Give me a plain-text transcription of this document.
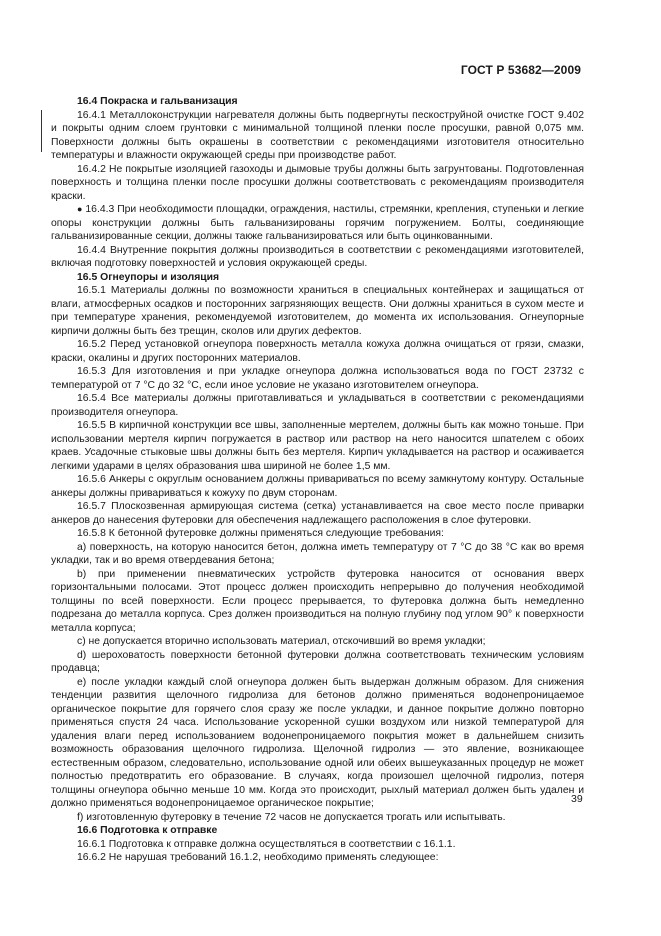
ГОСТ Р 53682—2009

16.4 Покраска и гальванизация

16.4.1 Металлоконструкции нагревателя должны быть подвергнуты пескоструйной очистке ГОСТ 9.402 и покрыты одним слоем грунтовки с минимальной толщиной пленки после просушки, равной 0,075 мм. Поверхности должны быть окрашены в соответствии с рекомендациями изготовителя относительно температуры и влажности окружающей среды при производстве работ.

16.4.2 Не покрытые изоляцией газоходы и дымовые трубы должны быть загрунтованы. Подготовленная поверхность и толщина пленки после просушки должны соответствовать с рекомендациям производителя краски.

● 16.4.3 При необходимости площадки, ограждения, настилы, стремянки, крепления, ступеньки и легкие опоры конструкции должны быть гальванизированы горячим погружением. Болты, соединяющие гальванизированные секции, должны также гальванизироваться или быть оцинкованными.

16.4.4 Внутренние покрытия должны производиться в соответствии с рекомендациями изготовителей, включая подготовку поверхностей и условия окружающей среды.

16.5 Огнеупоры и изоляция

16.5.1 Материалы должны по возможности храниться в специальных контейнерах и защищаться от влаги, атмосферных осадков и посторонних загрязняющих веществ. Они должны храниться в сухом месте и при температуре хранения, рекомендуемой изготовителем, до момента их использования. Огнеупорные кирпичи должны быть без трещин, сколов или других дефектов.

16.5.2 Перед установкой огнеупора поверхность металла кожуха должна очищаться от грязи, смазки, краски, окалины и других посторонних материалов.

16.5.3 Для изготовления и при укладке огнеупора должна использоваться вода по ГОСТ 23732 с температурой от 7 °С до 32 °С, если иное условие не указано изготовителем огнеупора.

16.5.4 Все материалы должны приготавливаться и укладываться в соответствии с рекомендациями производителя огнеупора.

16.5.5 В кирпичной конструкции все швы, заполненные мертелем, должны быть как можно тоньше. При использовании мертеля кирпич погружается в раствор или раствор на него наносится шпателем с обоих краев. Усадочные стыковые швы должны быть без мертеля. Кирпич укладывается на раствор и осаживается легкими ударами в целях образования шва шириной не более 1,5 мм.

16.5.6 Анкеры с округлым основанием должны привариваться по всему замкнутому контуру. Остальные анкеры должны привариваться к кожуху по двум сторонам.

16.5.7 Плоскозвенная армирующая система (сетка) устанавливается на свое место после приварки анкеров до нанесения футеровки для обеспечения надлежащего расположения в слое футеровки.

16.5.8 К бетонной футеровке должны применяться следующие требования:

a) поверхность, на которую наносится бетон, должна иметь температуру от 7 °С до 38 °С как во время укладки, так и во время отвердевания бетона;

b) при применении пневматических устройств футеровка наносится от основания вверх горизонтальными полосами. Этот процесс должен происходить непрерывно до получения необходимой толщины по всей поверхности. Если процесс прерывается, то футеровка должна быть немедленно подрезана до металла корпуса. Срез должен производиться на полную глубину под углом 90° к поверхности металла корпуса;

c) не допускается вторично использовать материал, отскочивший во время укладки;

d) шероховатость поверхности бетонной футеровки должна соответствовать техническим условиям продавца;

e) после укладки каждый слой огнеупора должен быть выдержан должным образом. Для снижения тенденции развития щелочного гидролиза для бетонов должно применяться водонепроницаемое органическое покрытие для горячего слоя сразу же после укладки, и данное покрытие должно повторно применяться спустя 24 часа. Использование ускоренной сушки воздухом или низкой температурой для удаления влаги перед использованием водонепроницаемого покрытия может в дальнейшем снизить возможность образования щелочного гидролиза. Щелочной гидролиз — это явление, возникающее естественным образом, следовательно, использование одной или обеих вышеуказанных процедур не может полностью предотвратить его образование. В случаях, когда произошел щелочной гидролиз, потеря толщины огнеупора обычно меньше 10 мм. Когда это происходит, рыхлый материал должен быть удален и должно применяться водонепроницаемое органическое покрытие;

f) изготовленную футеровку в течение 72 часов не допускается трогать или испытывать.

16.6 Подготовка к отправке

16.6.1 Подготовка к отправке должна осуществляться в соответствии с 16.1.1.

16.6.2 Не нарушая требований 16.1.2, необходимо применять следующее:

39
